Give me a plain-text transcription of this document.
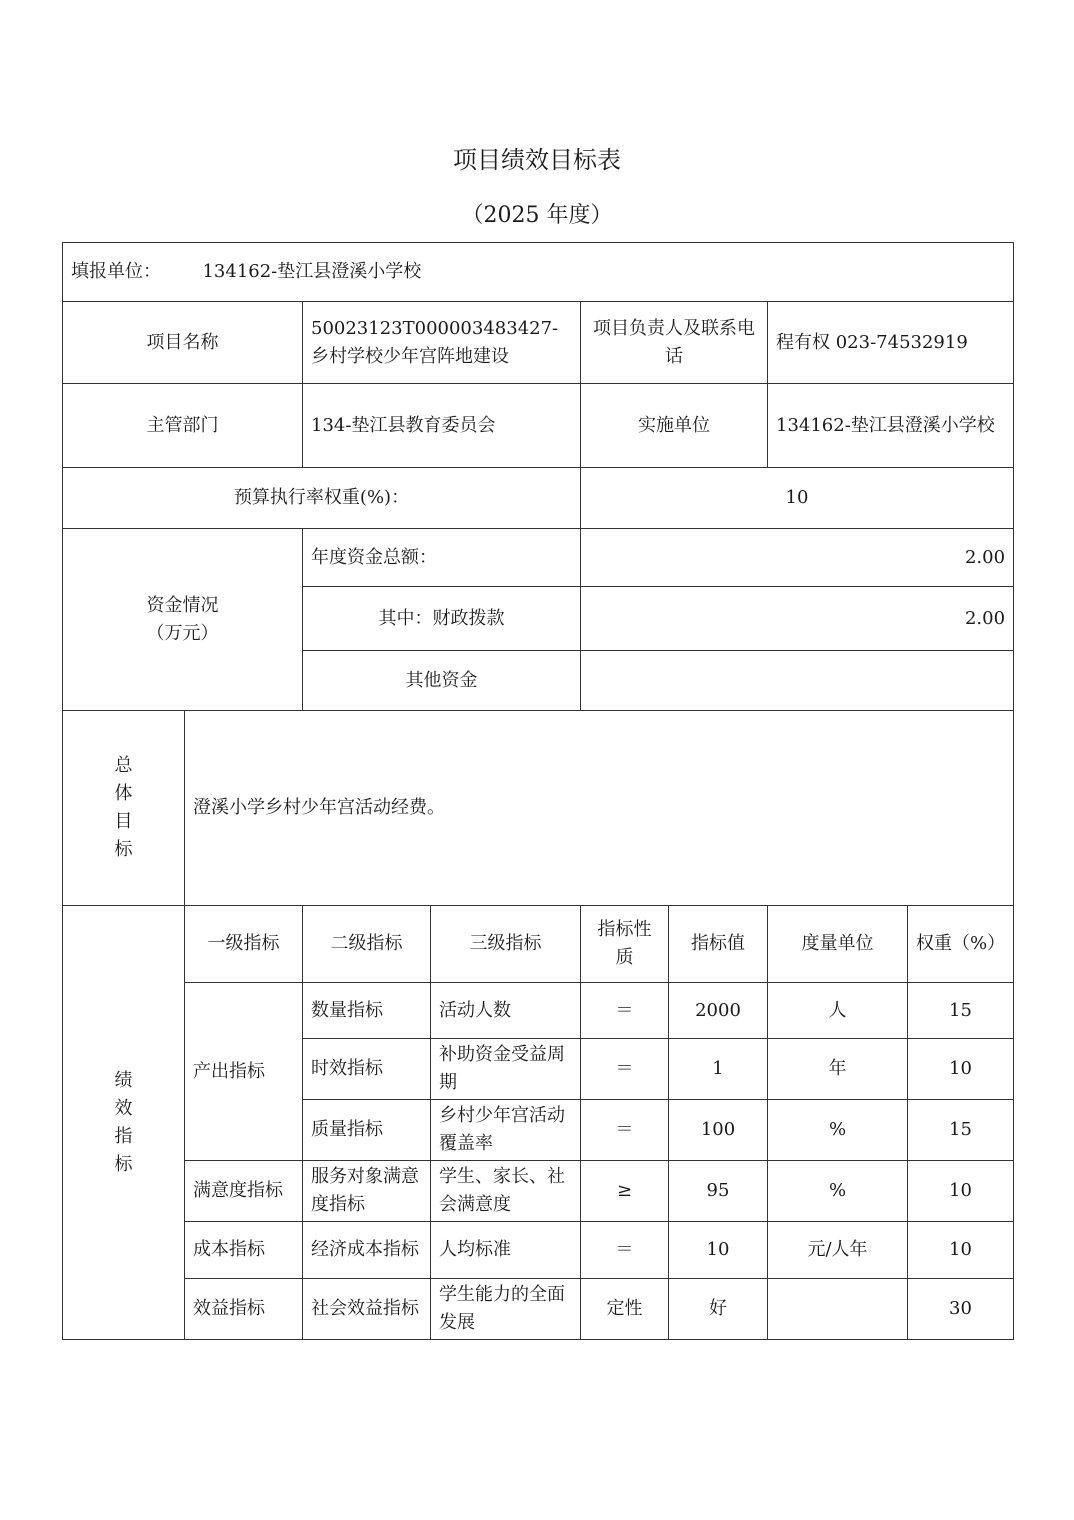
项目绩效目标表
（2025 年度）
填报单位： 134162-垫江县澄溪小学校							
项目名称		50023123T000003483427-乡村学校少年宫阵地建设		项目负责人及联系电话		程有权 023-74532919	
主管部门		134-垫江县教育委员会		实施单位		134162-垫江县澄溪小学校	
预算执行率权重(%)：				10			

资金情况
（万元）		年度资金总额：		2.00			
		其中：财政拨款		2.00			
		其他资金					

总
体
目
标	澄溪小学乡村少年宫活动经费。						

绩
效
指
标	一级指标	二级指标	三级指标	指标性质	指标值	度量单位	权重（%）
	产出指标	数量指标	活动人数	＝	2000	人	15
		时效指标	补助资金受益周期	＝	1	年	10
		质量指标	乡村少年宫活动覆盖率	＝	100	%	15
	满意度指标	服务对象满意度指标	学生、家长、社会满意度	≥	95	%	10
	成本指标	经济成本指标	人均标准	＝	10	元/人年	10
	效益指标	社会效益指标	学生能力的全面发展	定性	好		30
